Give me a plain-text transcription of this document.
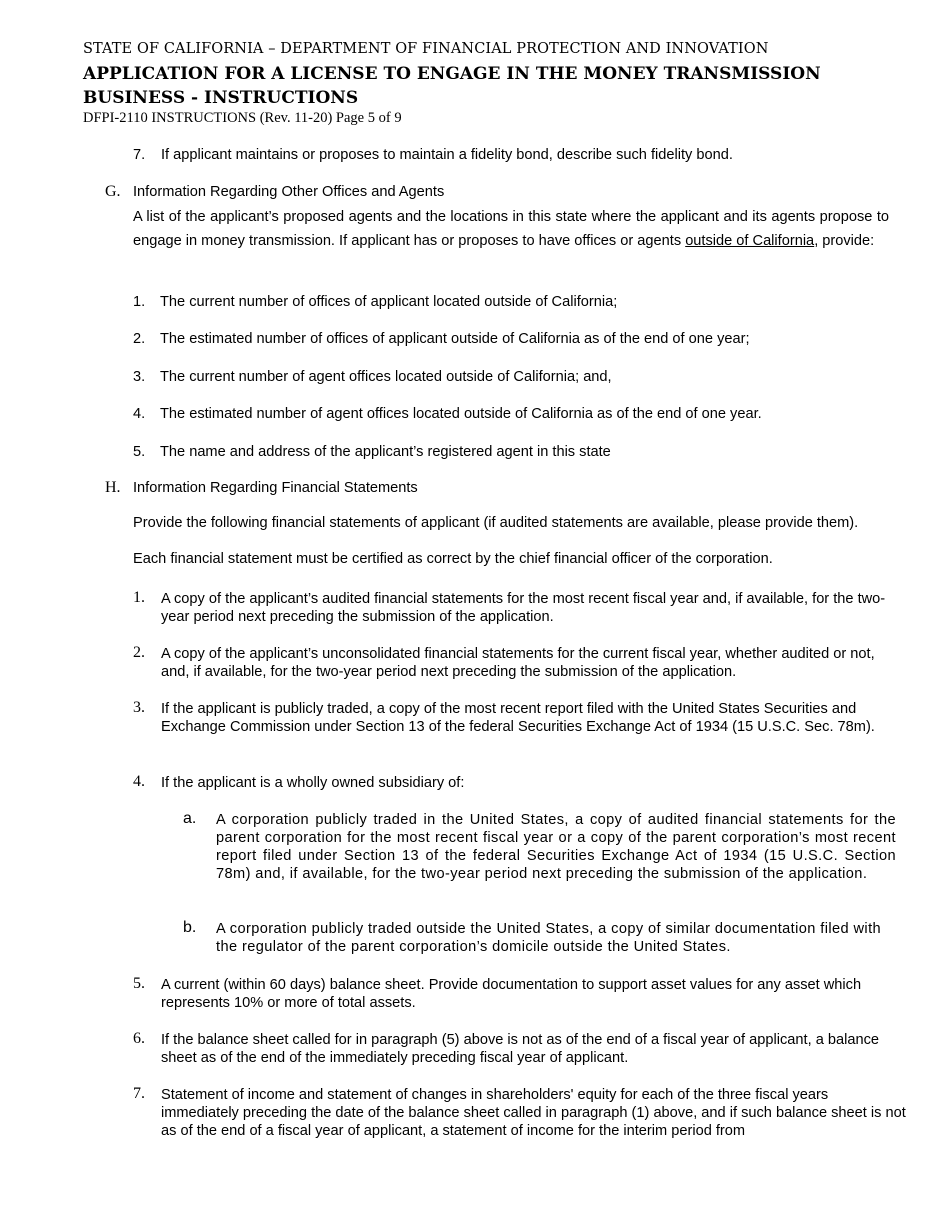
STATE OF CALIFORNIA – DEPARTMENT OF FINANCIAL PROTECTION AND INNOVATION
APPLICATION FOR A LICENSE TO ENGAGE IN THE MONEY TRANSMISSION BUSINESS - INSTRUCTIONS
DFPI-2110 INSTRUCTIONS (Rev. 11-20) Page 5 of 9
7. If applicant maintains or proposes to maintain a fidelity bond, describe such fidelity bond.
G. Information Regarding Other Offices and Agents
A list of the applicant’s proposed agents and the locations in this state where the applicant and its agents propose to engage in money transmission. If applicant has or proposes to have offices or agents outside of California, provide:
1. The current number of offices of applicant located outside of California;
2. The estimated number of offices of applicant outside of California as of the end of one year;
3. The current number of agent offices located outside of California; and,
4. The estimated number of agent offices located outside of California as of the end of one year.
5. The name and address of the applicant’s registered agent in this state
H. Information Regarding Financial Statements
Provide the following financial statements of applicant (if audited statements are available, please provide them).
Each financial statement must be certified as correct by the chief financial officer of the corporation.
1. A copy of the applicant’s audited financial statements for the most recent fiscal year and, if available, for the two-year period next preceding the submission of the application.
2. A copy of the applicant’s unconsolidated financial statements for the current fiscal year, whether audited or not, and, if available, for the two-year period next preceding the submission of the application.
3. If the applicant is publicly traded, a copy of the most recent report filed with the United States Securities and Exchange Commission under Section 13 of the federal Securities Exchange Act of 1934 (15 U.S.C. Sec. 78m).
4. If the applicant is a wholly owned subsidiary of:
a. A corporation publicly traded in the United States, a copy of audited financial statements for the parent corporation for the most recent fiscal year or a copy of the parent corporation’s most recent report filed under Section 13 of the federal Securities Exchange Act of 1934 (15 U.S.C. Section 78m) and, if available, for the two-year period next preceding the submission of the application.
b. A corporation publicly traded outside the United States, a copy of similar documentation filed with the regulator of the parent corporation’s domicile outside the United States.
5. A current (within 60 days) balance sheet. Provide documentation to support asset values for any asset which represents 10% or more of total assets.
6. If the balance sheet called for in paragraph (5) above is not as of the end of a fiscal year of applicant, a balance sheet as of the end of the immediately preceding fiscal year of applicant.
7. Statement of income and statement of changes in shareholders' equity for each of the three fiscal years immediately preceding the date of the balance sheet called in paragraph (1) above, and if such balance sheet is not as of the end of a fiscal year of applicant, a statement of income for the interim period from
